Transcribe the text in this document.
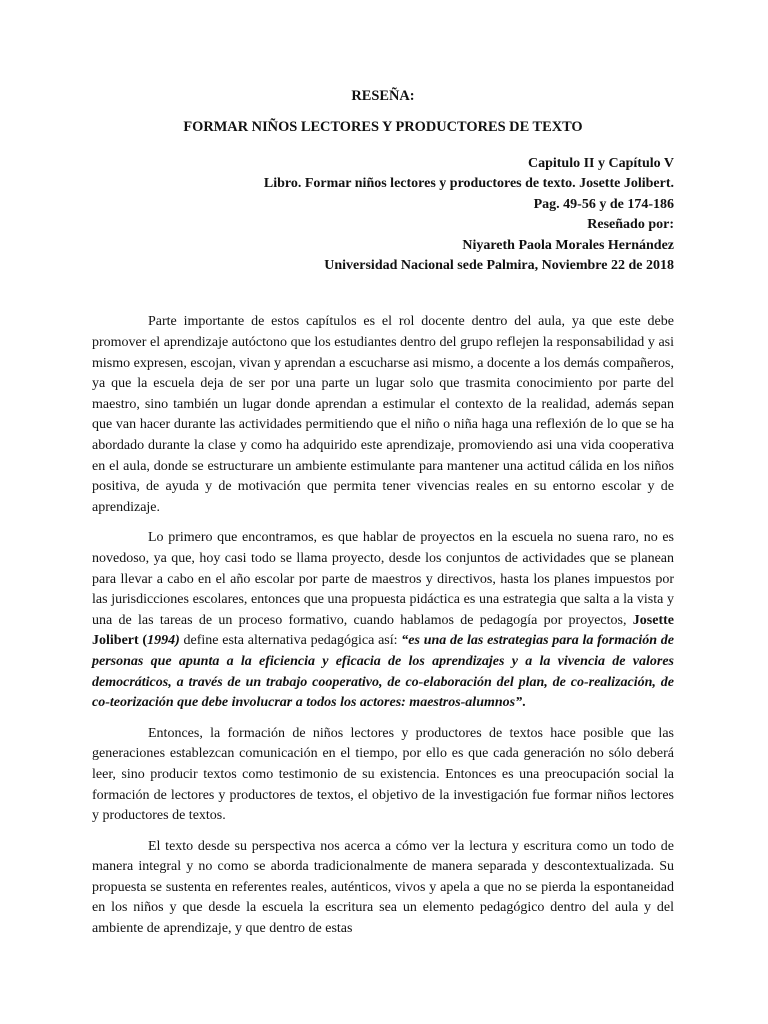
RESEÑA:
FORMAR NIÑOS LECTORES Y PRODUCTORES DE TEXTO
Capitulo II y Capítulo V
Libro. Formar niños lectores y productores de texto. Josette Jolibert.
Pag. 49-56 y de 174-186
Reseñado por:
Niyareth Paola Morales Hernández
Universidad Nacional sede Palmira, Noviembre 22 de 2018

Parte importante de estos capítulos es el rol docente dentro del aula, ya que este debe promover el aprendizaje autóctono que los estudiantes dentro del grupo reflejen la responsabilidad y asi mismo expresen, escojan, vivan y aprendan a escucharse asi mismo, a docente a los demás compañeros, ya que la escuela deja de ser por una parte un lugar solo que trasmita conocimiento por parte del maestro, sino también un lugar donde aprendan a estimular el contexto de la realidad, además sepan que van hacer durante las actividades permitiendo que el niño o niña haga una reflexión de lo que se ha abordado durante la clase y como ha adquirido este aprendizaje, promoviendo asi una vida cooperativa en el aula, donde se estructurare un ambiente estimulante para mantener una actitud cálida en los niños positiva, de ayuda y de motivación que permita tener vivencias reales en su entorno escolar y de aprendizaje.

Lo primero que encontramos, es que hablar de proyectos en la escuela no suena raro, no es novedoso, ya que, hoy casi todo se llama proyecto, desde los conjuntos de actividades que se planean para llevar a cabo en el año escolar por parte de maestros y directivos, hasta los planes impuestos por las jurisdicciones escolares, entonces que una propuesta pidáctica es una estrategia que salta a la vista y una de las tareas de un proceso formativo, cuando hablamos de pedagogía por proyectos, Josette Jolibert (1994) define esta alternativa pedagógica así: “es una de las estrategias para la formación de personas que apunta a la eficiencia y eficacia de los aprendizajes y a la vivencia de valores democráticos, a través de un trabajo cooperativo, de co-elaboración del plan, de co-realización, de co-teorización que debe involucrar a todos los actores: maestros-alumnos”.

Entonces, la formación de niños lectores y productores de textos hace posible que las generaciones establezcan comunicación en el tiempo, por ello es que cada generación no sólo deberá leer, sino producir textos como testimonio de su existencia. Entonces es una preocupación social la formación de lectores y productores de textos, el objetivo de la investigación fue formar niños lectores y productores de textos.

El texto desde su perspectiva nos acerca a cómo ver la lectura y escritura como un todo de manera integral y no como se aborda tradicionalmente de manera separada y descontextualizada. Su propuesta se sustenta en referentes reales, auténticos, vivos y apela a que no se pierda la espontaneidad en los niños y que desde la escuela la escritura sea un elemento pedagógico dentro del aula y del ambiente de aprendizaje, y que dentro de estas
